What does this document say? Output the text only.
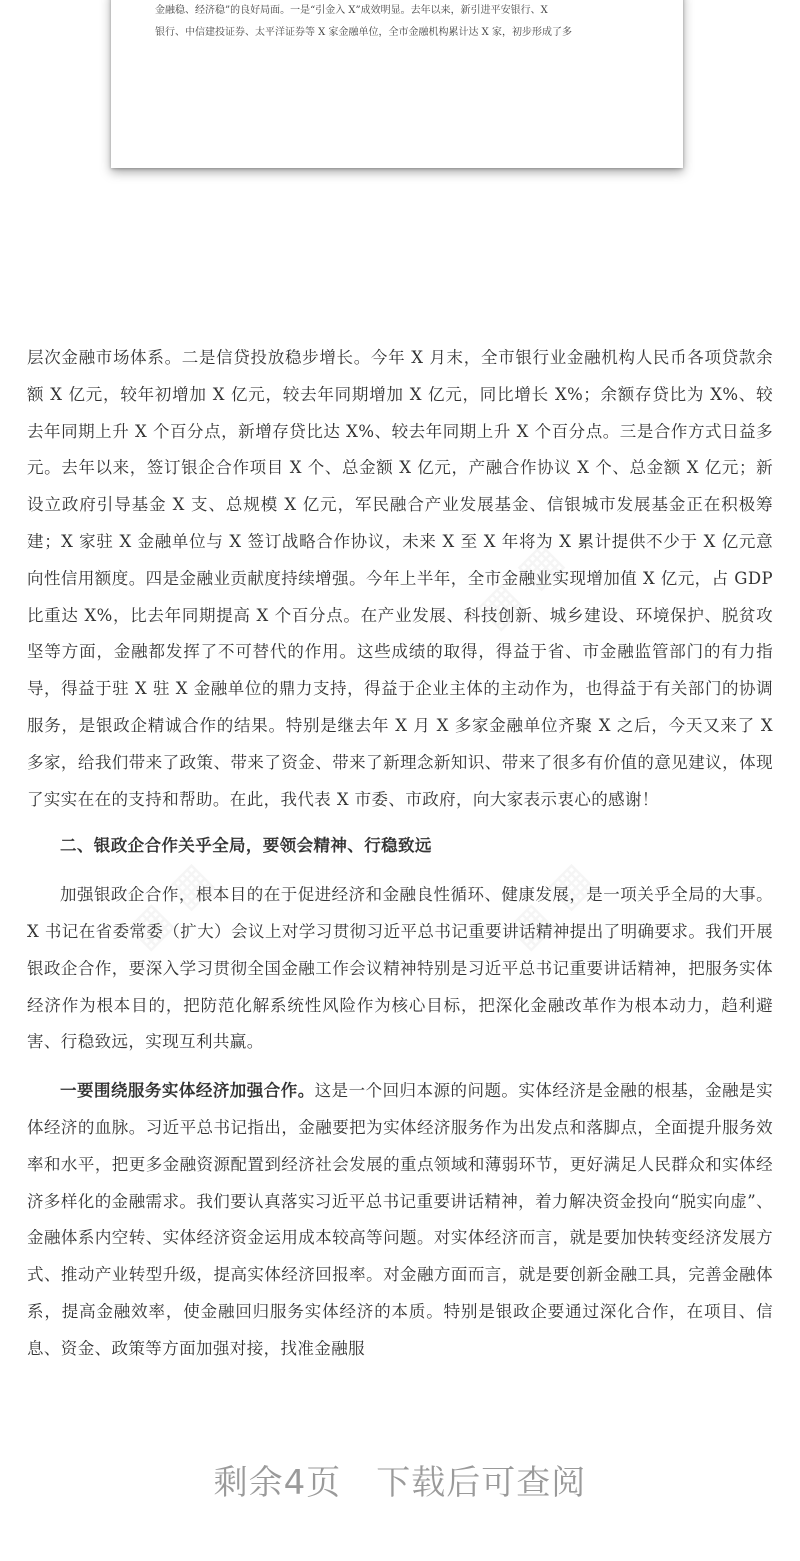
金融稳、经济稳”的良好局面。一是“引金入 X”成效明显。去年以来，新引进平安银行、X
银行、中信建投证券、太平洋证券等 X 家金融单位，全市金融机构累计达 X 家，初步形成了多

▦ ▦
▦ ▦	▦ ▦

层次金融市场体系。二是信贷投放稳步增长。今年 X 月末，全市银行业金融机构人民币各项贷款余额 X 亿元，较年初增加 X 亿元，较去年同期增加 X 亿元，同比增长 X%；余额存贷比为 X%、较去年同期上升 X 个百分点，新增存贷比达 X%、较去年同期上升 X 个百分点。三是合作方式日益多元。去年以来，签订银企合作项目 X 个、总金额 X 亿元，产融合作协议 X 个、总金额 X 亿元；新设立政府引导基金 X 支、总规模 X 亿元，军民融合产业发展基金、信银城市发展基金正在积极筹建；X 家驻 X 金融单位与 X 签订战略合作协议，未来 X 至 X 年将为 X 累计提供不少于 X 亿元意向性信用额度。四是金融业贡献度持续增强。今年上半年，全市金融业实现增加值 X 亿元，占 GDP 比重达 X%，比去年同期提高 X 个百分点。在产业发展、科技创新、城乡建设、环境保护、脱贫攻坚等方面，金融都发挥了不可替代的作用。这些成绩的取得，得益于省、市金融监管部门的有力指导，得益于驻 X 驻 X 金融单位的鼎力支持，得益于企业主体的主动作为，也得益于有关部门的协调服务，是银政企精诚合作的结果。特别是继去年 X 月 X 多家金融单位齐聚 X 之后，今天又来了 X 多家，给我们带来了政策、带来了资金、带来了新理念新知识、带来了很多有价值的意见建议，体现了实实在在的支持和帮助。在此，我代表 X 市委、市政府，向大家表示衷心的感谢！

二、银政企合作关乎全局，要领会精神、行稳致远

加强银政企合作，根本目的在于促进经济和金融良性循环、健康发展，是一项关乎全局的大事。X 书记在省委常委（扩大）会议上对学习贯彻习近平总书记重要讲话精神提出了明确要求。我们开展银政企合作，要深入学习贯彻全国金融工作会议精神特别是习近平总书记重要讲话精神，把服务实体经济作为根本目的，把防范化解系统性风险作为核心目标，把深化金融改革作为根本动力，趋利避害、行稳致远，实现互利共赢。

一要围绕服务实体经济加强合作。这是一个回归本源的问题。实体经济是金融的根基，金融是实体经济的血脉。习近平总书记指出，金融要把为实体经济服务作为出发点和落脚点，全面提升服务效率和水平，把更多金融资源配置到经济社会发展的重点领域和薄弱环节，更好满足人民群众和实体经济多样化的金融需求。我们要认真落实习近平总书记重要讲话精神，着力解决资金投向“脱实向虚”、金融体系内空转、实体经济资金运用成本较高等问题。对实体经济而言，就是要加快转变经济发展方式、推动产业转型升级，提高实体经济回报率。对金融方面而言，就是要创新金融工具，完善金融体系，提高金融效率，使金融回归服务实体经济的本质。特别是银政企要通过深化合作，在项目、信息、资金、政策等方面加强对接，找准金融服

剩余4页　下载后可查阅
